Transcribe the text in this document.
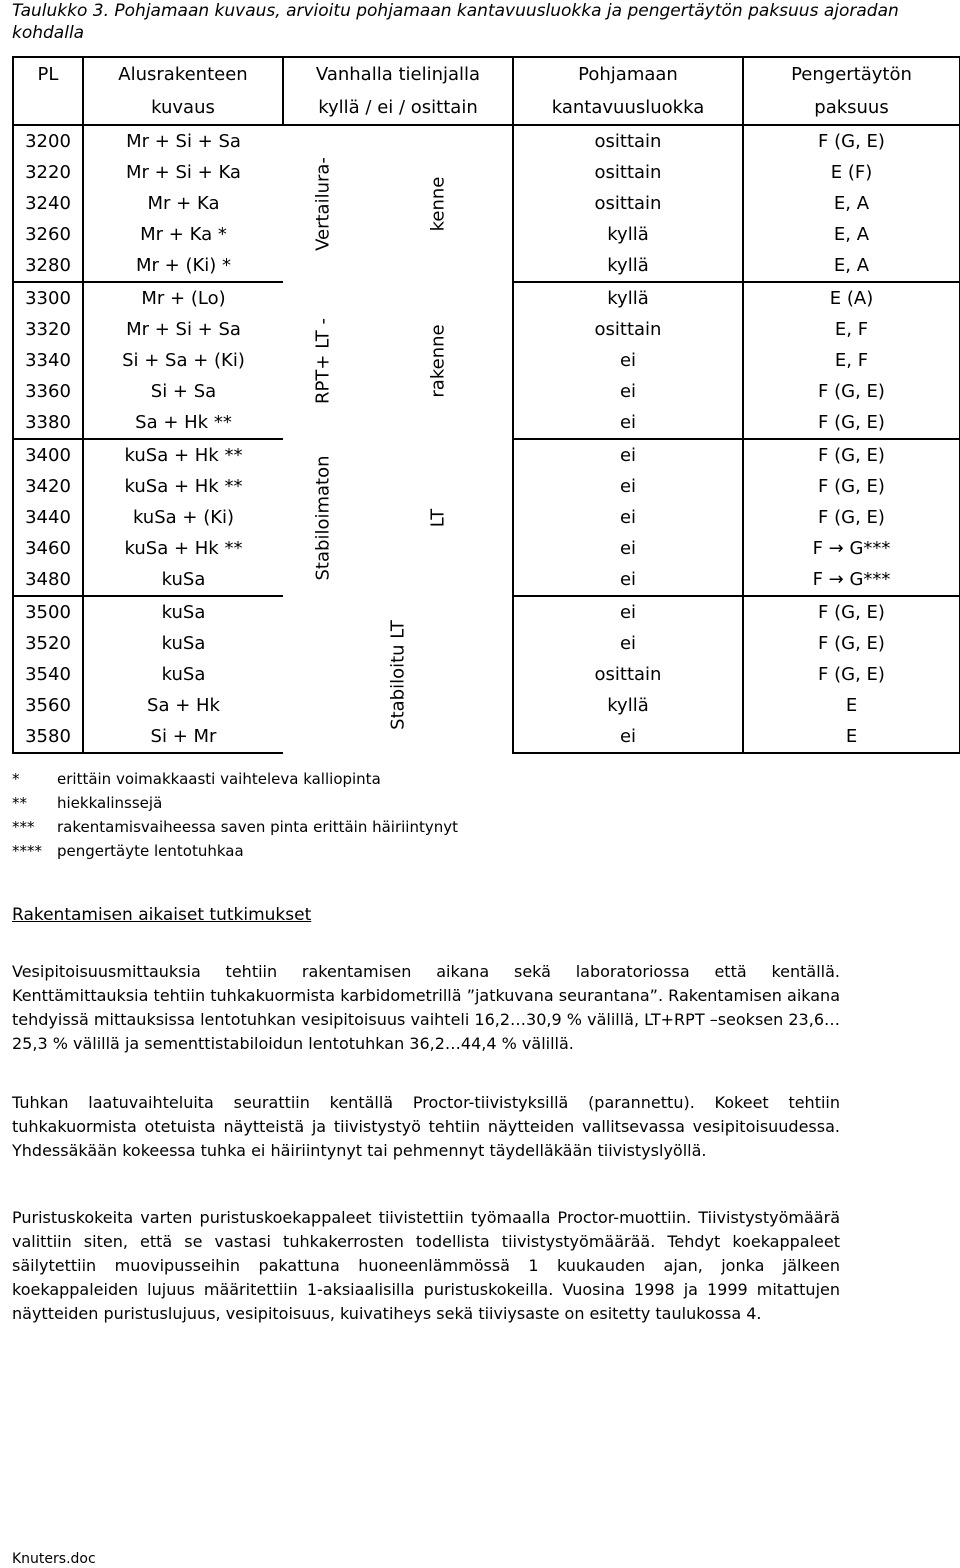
Taulukko 3. Pohjamaan kuvaus, arvioitu pohjamaan kantavuusluokka ja pengertäytön paksuus ajoradan kohdalla
PL	Alusrakenteen	Vanhalla tielinjalla		Pohjamaan	Pengertäytön	
	kuvaus	kyllä / ei / osittain		kantavuusluokka	paksuus	
3200	Mr + Si + Sa	Vertailura-	kenne	osittain	F (G, E)	
3220	Mr + Si + Ka			osittain	E (F)	
3240	Mr + Ka			osittain	E, A	
3260	Mr + Ka *			kyllä	E, A	
3280	Mr + (Ki) *			kyllä	E, A	
3300	Mr + (Lo)	RPT+ LT -	rakenne	kyllä	E (A)	
3320	Mr + Si + Sa			osittain	E, F	
3340	Si + Sa + (Ki)			ei	E, F	
3360	Si + Sa			ei	F (G, E)	
3380	Sa + Hk **			ei	F (G, E)	
3400	kuSa + Hk **	Stabiloimaton	LT	ei	F (G, E)	
3420	kuSa + Hk **			ei	F (G, E)	
3440	kuSa + (Ki)			ei	F (G, E)	
3460	kuSa + Hk **			ei	F → G***	
3480	kuSa			ei	F → G***	
3500	kuSa	Stabiloitu LT		ei	F (G, E)	
3520	kuSa			ei	F (G, E)	
3540	kuSa			osittain	F (G, E)	
3560	Sa + Hk			kyllä	E	
3580	Si + Mr			ei	E	
*	erittäin voimakkaasti vaihteleva kalliopinta
**	hiekkalinssejä
***	rakentamisvaiheessa saven pinta erittäin häiriintynyt
****	pengertäyte lentotuhkaa
Rakentamisen aikaiset tutkimukset

Vesipitoisuusmittauksia tehtiin rakentamisen aikana sekä laboratoriossa että kentällä. Kenttämittauksia tehtiin tuhkakuormista karbidometrillä ”jatkuvana seurantana”. Rakentamisen aikana tehdyissä mittauksissa lentotuhkan vesipitoisuus vaihteli 16,2…30,9 % välillä, LT+RPT –seoksen 23,6…25,3 % välillä ja sementtistabiloidun lentotuhkan 36,2…44,4 % välillä.

Tuhkan laatuvaihteluita seurattiin kentällä Proctor-tiivistyksillä (parannettu). Kokeet tehtiin tuhkakuormista otetuista näytteistä ja tiivistystyö tehtiin näytteiden vallitsevassa vesipitoisuudessa. Yhdessäkään kokeessa tuhka ei häiriintynyt tai pehmennyt täydelläkään tiivistyslyöllä.

Puristuskokeita varten puristuskoekappaleet tiivistettiin työmaalla Proctor-muottiin. Tiivistystyömäärä valittiin siten, että se vastasi tuhkakerrosten todellista tiivistystyömäärää. Tehdyt koekappaleet säilytettiin muovipusseihin pakattuna huoneenlämmössä 1 kuukauden ajan, jonka jälkeen koekappaleiden lujuus määritettiin 1-aksiaalisilla puristuskokeilla. Vuosina 1998 ja 1999 mitattujen näytteiden puristuslujuus, vesipitoisuus, kuivatiheys sekä tiiviysaste on esitetty taulukossa 4.

Knuters.doc
